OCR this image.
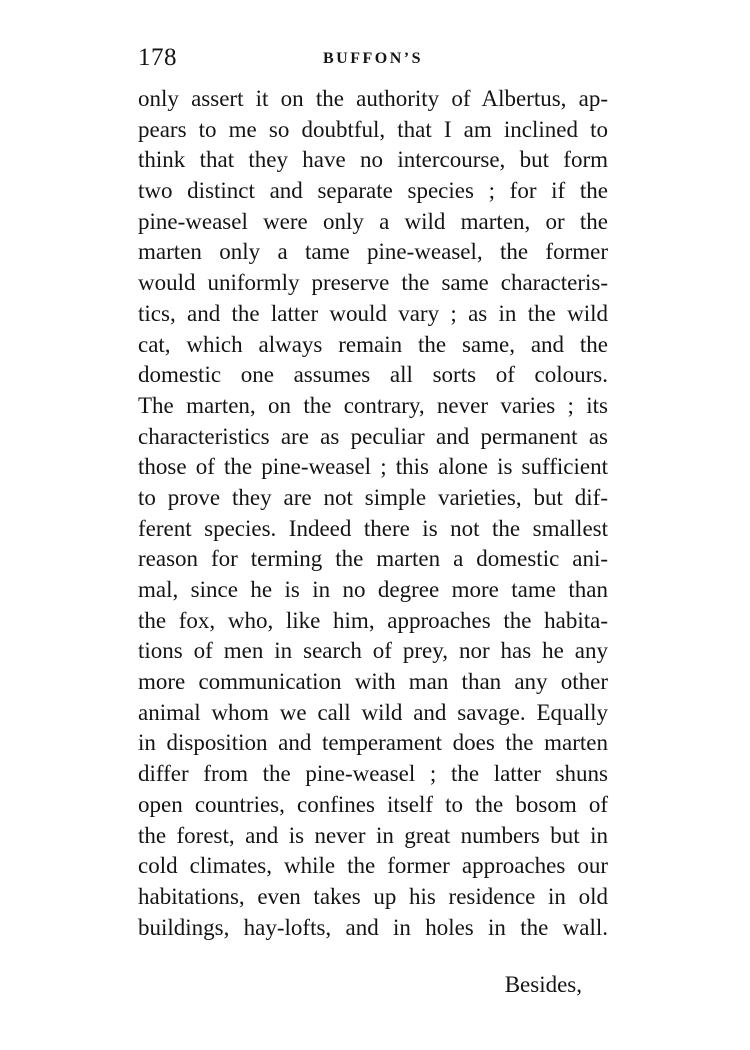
178	BUFFON’S
only assert it on the authority of Albertus, ap-
pears to me so doubtful, that I am inclined to
think that they have no intercourse, but form
two distinct and separate species ; for if the
pine-weasel were only a wild marten, or the
marten only a tame pine-weasel, the former
would uniformly preserve the same characteris-
tics, and the latter would vary ; as in the wild
cat, which always remain the same, and the
domestic one assumes all sorts of colours.
The marten, on the contrary, never varies ; its
characteristics are as peculiar and permanent as
those of the pine-weasel ; this alone is sufficient
to prove they are not simple varieties, but dif-
ferent species. Indeed there is not the smallest
reason for terming the marten a domestic ani-
mal, since he is in no degree more tame than
the fox, who, like him, approaches the habita-
tions of men in search of prey, nor has he any
more communication with man than any other
animal whom we call wild and savage. Equally
in disposition and temperament does the marten
differ from the pine-weasel ; the latter shuns
open countries, confines itself to the bosom of
the forest, and is never in great numbers but in
cold climates, while the former approaches our
habitations, even takes up his residence in old
buildings, hay-lofts, and in holes in the wall.
Besides,
